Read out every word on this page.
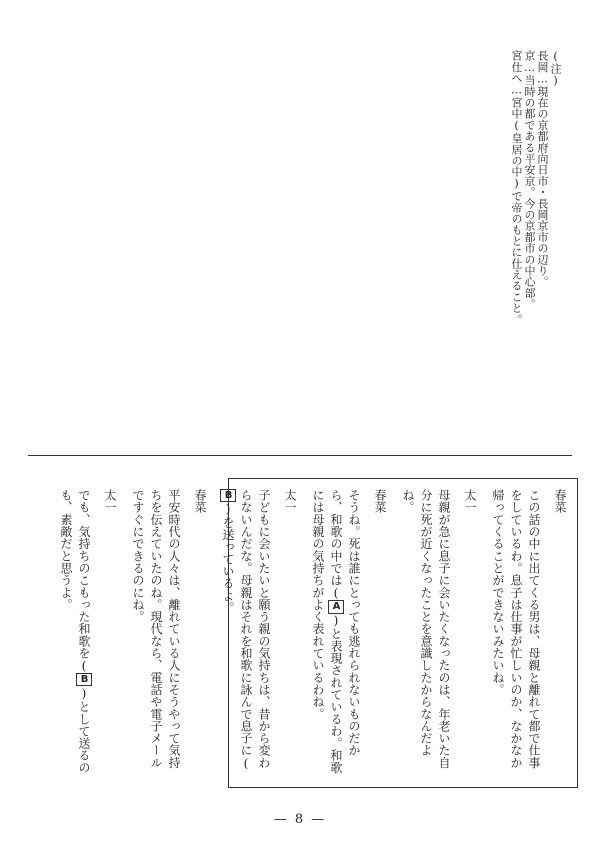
(注)
長岡…現在の京都府向日市・長岡京市の辺り。
京…当時の都である平安京。今の京都市の中心部。
宮仕へ…宮中(皇居の中)で帝のもとに仕えること。
春菜
この話の中に出てくる男は、母親と離れて都で仕事をしているわ。息子は仕事が忙しいのか、なかなか帰ってくることができないみたいね。
太一
母親が急に息子に会いたくなったのは、年老いた自分に死が近くなったことを意識したからなんだよね。
春菜
そうね。死は誰にとっても逃れられないものだから、和歌の中では(A)と表現されているわ。和歌には母親の気持ちがよく表れているわね。
太一
子どもに会いたいと願う親の気持ちは、昔から変わらないんだな。母親はそれを和歌に詠んで息子に(B)を送っているよ。
春菜
平安時代の人々は、離れている人にそうやって気持ちを伝えていたのね。現代なら、電話や電子メールですぐにできるのにね。
太一
でも、気持ちのこもった和歌を(B)として送るのも、素敵だと思うよ。
— 8 —
